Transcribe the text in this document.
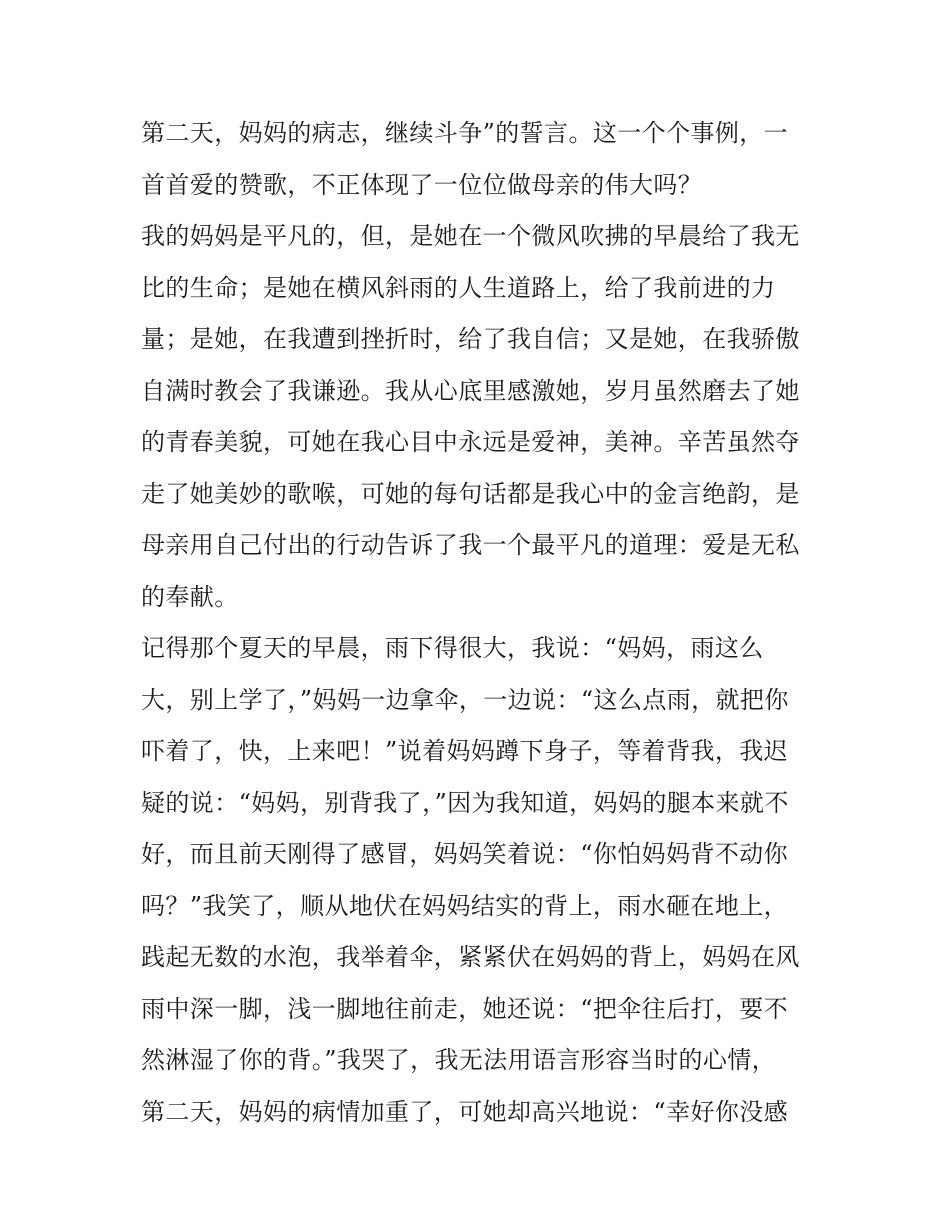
第二天，妈妈的病志，继续斗争”的誓言。这一个个事例，一
首首爱的赞歌，不正体现了一位位做母亲的伟大吗？
我的妈妈是平凡的，但，是她在一个微风吹拂的早晨给了我无
比的生命；是她在横风斜雨的人生道路上，给了我前进的力
量；是她，在我遭到挫折时，给了我自信；又是她，在我骄傲
自满时教会了我谦逊。我从心底里感激她，岁月虽然磨去了她
的青春美貌，可她在我心目中永远是爱神，美神。辛苦虽然夺
走了她美妙的歌喉，可她的每句话都是我心中的金言绝韵，是
母亲用自己付出的行动告诉了我一个最平凡的道理：爱是无私
的奉献。
记得那个夏天的早晨，雨下得很大，我说：“妈妈，雨这么
大，别上学了，”妈妈一边拿伞，一边说：“这么点雨，就把你
吓着了，快，上来吧！”说着妈妈蹲下身子，等着背我，我迟
疑的说：“妈妈，别背我了，”因为我知道，妈妈的腿本来就不
好，而且前天刚得了感冒，妈妈笑着说：“你怕妈妈背不动你
吗？”我笑了，顺从地伏在妈妈结实的背上，雨水砸在地上，
践起无数的水泡，我举着伞，紧紧伏在妈妈的背上，妈妈在风
雨中深一脚，浅一脚地往前走，她还说：“把伞往后打，要不
然淋湿了你的背。”我哭了，我无法用语言形容当时的心情，
第二天，妈妈的病情加重了，可她却高兴地说：“幸好你没感
